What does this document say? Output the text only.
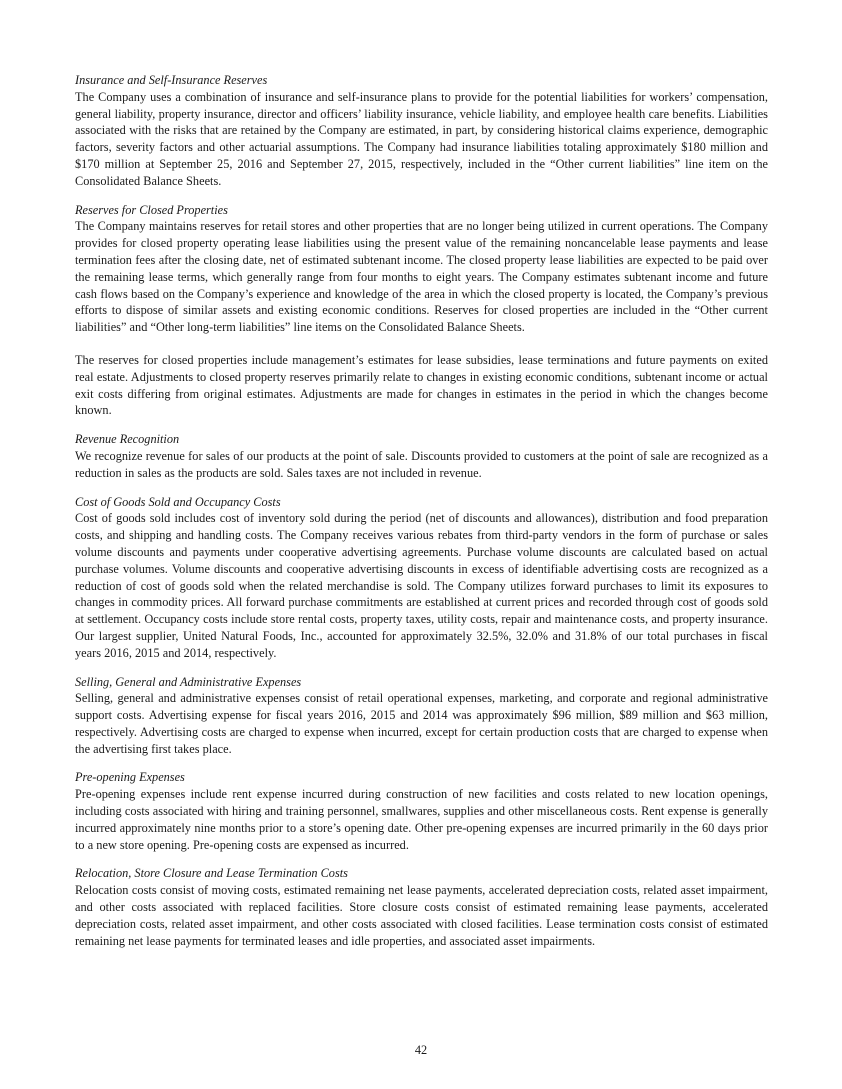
Insurance and Self-Insurance Reserves

The Company uses a combination of insurance and self-insurance plans to provide for the potential liabilities for workers’ compensation, general liability, property insurance, director and officers’ liability insurance, vehicle liability, and employee health care benefits. Liabilities associated with the risks that are retained by the Company are estimated, in part, by considering historical claims experience, demographic factors, severity factors and other actuarial assumptions. The Company had insurance liabilities totaling approximately $180 million and $170 million at September 25, 2016 and September 27, 2015, respectively, included in the “Other current liabilities” line item on the Consolidated Balance Sheets.

Reserves for Closed Properties

The Company maintains reserves for retail stores and other properties that are no longer being utilized in current operations. The Company provides for closed property operating lease liabilities using the present value of the remaining noncancelable lease payments and lease termination fees after the closing date, net of estimated subtenant income. The closed property lease liabilities are expected to be paid over the remaining lease terms, which generally range from four months to eight years. The Company estimates subtenant income and future cash flows based on the Company’s experience and knowledge of the area in which the closed property is located, the Company’s previous efforts to dispose of similar assets and existing economic conditions. Reserves for closed properties are included in the “Other current liabilities” and “Other long-term liabilities” line items on the Consolidated Balance Sheets.

The reserves for closed properties include management’s estimates for lease subsidies, lease terminations and future payments on exited real estate. Adjustments to closed property reserves primarily relate to changes in existing economic conditions, subtenant income or actual exit costs differing from original estimates. Adjustments are made for changes in estimates in the period in which the changes become known.

Revenue Recognition

We recognize revenue for sales of our products at the point of sale. Discounts provided to customers at the point of sale are recognized as a reduction in sales as the products are sold. Sales taxes are not included in revenue.

Cost of Goods Sold and Occupancy Costs

Cost of goods sold includes cost of inventory sold during the period (net of discounts and allowances), distribution and food preparation costs, and shipping and handling costs. The Company receives various rebates from third-party vendors in the form of purchase or sales volume discounts and payments under cooperative advertising agreements. Purchase volume discounts are calculated based on actual purchase volumes. Volume discounts and cooperative advertising discounts in excess of identifiable advertising costs are recognized as a reduction of cost of goods sold when the related merchandise is sold. The Company utilizes forward purchases to limit its exposures to changes in commodity prices. All forward purchase commitments are established at current prices and recorded through cost of goods sold at settlement. Occupancy costs include store rental costs, property taxes, utility costs, repair and maintenance costs, and property insurance. Our largest supplier, United Natural Foods, Inc., accounted for approximately 32.5%, 32.0% and 31.8% of our total purchases in fiscal years 2016, 2015 and 2014, respectively.

Selling, General and Administrative Expenses

Selling, general and administrative expenses consist of retail operational expenses, marketing, and corporate and regional administrative support costs. Advertising expense for fiscal years 2016, 2015 and 2014 was approximately $96 million, $89 million and $63 million, respectively. Advertising costs are charged to expense when incurred, except for certain production costs that are charged to expense when the advertising first takes place.

Pre-opening Expenses

Pre-opening expenses include rent expense incurred during construction of new facilities and costs related to new location openings, including costs associated with hiring and training personnel, smallwares, supplies and other miscellaneous costs. Rent expense is generally incurred approximately nine months prior to a store’s opening date. Other pre-opening expenses are incurred primarily in the 60 days prior to a new store opening. Pre-opening costs are expensed as incurred.

Relocation, Store Closure and Lease Termination Costs

Relocation costs consist of moving costs, estimated remaining net lease payments, accelerated depreciation costs, related asset impairment, and other costs associated with replaced facilities. Store closure costs consist of estimated remaining lease payments, accelerated depreciation costs, related asset impairment, and other costs associated with closed facilities. Lease termination costs consist of estimated remaining net lease payments for terminated leases and idle properties, and associated asset impairments.

42
